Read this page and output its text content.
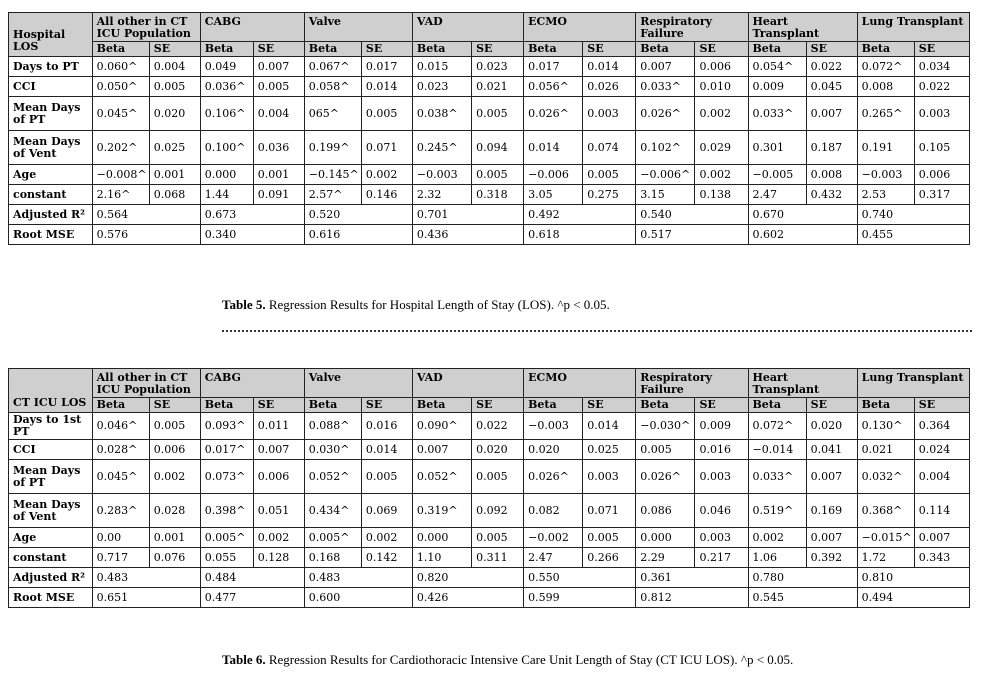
Hospital LOS	All other in CT ICU Population		CABG		Valve		VAD		ECMO		Respiratory Failure		Heart Transplant		Lung Transplant	
	Beta	SE	Beta	SE	Beta	SE	Beta	SE	Beta	SE	Beta	SE	Beta	SE	Beta	SE
Days to PT	0.060^	0.004	0.049	0.007	0.067^	0.017	0.015	0.023	0.017	0.014	0.007	0.006	0.054^	0.022	0.072^	0.034
CCI	0.050^	0.005	0.036^	0.005	0.058^	0.014	0.023	0.021	0.056^	0.026	0.033^	0.010	0.009	0.045	0.008	0.022
Mean Days of PT	0.045^	0.020	0.106^	0.004	065^	0.005	0.038^	0.005	0.026^	0.003	0.026^	0.002	0.033^	0.007	0.265^	0.003
Mean Days of Vent	0.202^	0.025	0.100^	0.036	0.199^	0.071	0.245^	0.094	0.014	0.074	0.102^	0.029	0.301	0.187	0.191	0.105
Age	−0.008^	0.001	0.000	0.001	−0.145^	0.002	−0.003	0.005	−0.006	0.005	−0.006^	0.002	−0.005	0.008	−0.003	0.006
constant	2.16^	0.068	1.44	0.091	2.57^	0.146	2.32	0.318	3.05	0.275	3.15	0.138	2.47	0.432	2.53	0.317
Adjusted R²	0.564		0.673		0.520		0.701		0.492		0.540		0.670		0.740	
Root MSE	0.576		0.340		0.616		0.436		0.618		0.517		0.602		0.455	
Table 5. Regression Results for Hospital Length of Stay (LOS). ^p < 0.05.
CT ICU LOS	All other in CT ICU Population		CABG		Valve		VAD		ECMO		Respiratory Failure		Heart Transplant		Lung Transplant	
	Beta	SE	Beta	SE	Beta	SE	Beta	SE	Beta	SE	Beta	SE	Beta	SE	Beta	SE
Days to 1st PT	0.046^	0.005	0.093^	0.011	0.088^	0.016	0.090^	0.022	−0.003	0.014	−0.030^	0.009	0.072^	0.020	0.130^	0.364
CCI	0.028^	0.006	0.017^	0.007	0.030^	0.014	0.007	0.020	0.020	0.025	0.005	0.016	−0.014	0.041	0.021	0.024
Mean Days of PT	0.045^	0.002	0.073^	0.006	0.052^	0.005	0.052^	0.005	0.026^	0.003	0.026^	0.003	0.033^	0.007	0.032^	0.004
Mean Days of Vent	0.283^	0.028	0.398^	0.051	0.434^	0.069	0.319^	0.092	0.082	0.071	0.086	0.046	0.519^	0.169	0.368^	0.114
Age	0.00	0.001	0.005^	0.002	0.005^	0.002	0.000	0.005	−0.002	0.005	0.000	0.003	0.002	0.007	−0.015^	0.007
constant	0.717	0.076	0.055	0.128	0.168	0.142	1.10	0.311	2.47	0.266	2.29	0.217	1.06	0.392	1.72	0.343
Adjusted R²	0.483		0.484		0.483		0.820		0.550		0.361		0.780		0.810	
Root MSE	0.651		0.477		0.600		0.426		0.599		0.812		0.545		0.494	
Table 6. Regression Results for Cardiothoracic Intensive Care Unit Length of Stay (CT ICU LOS). ^p < 0.05.
